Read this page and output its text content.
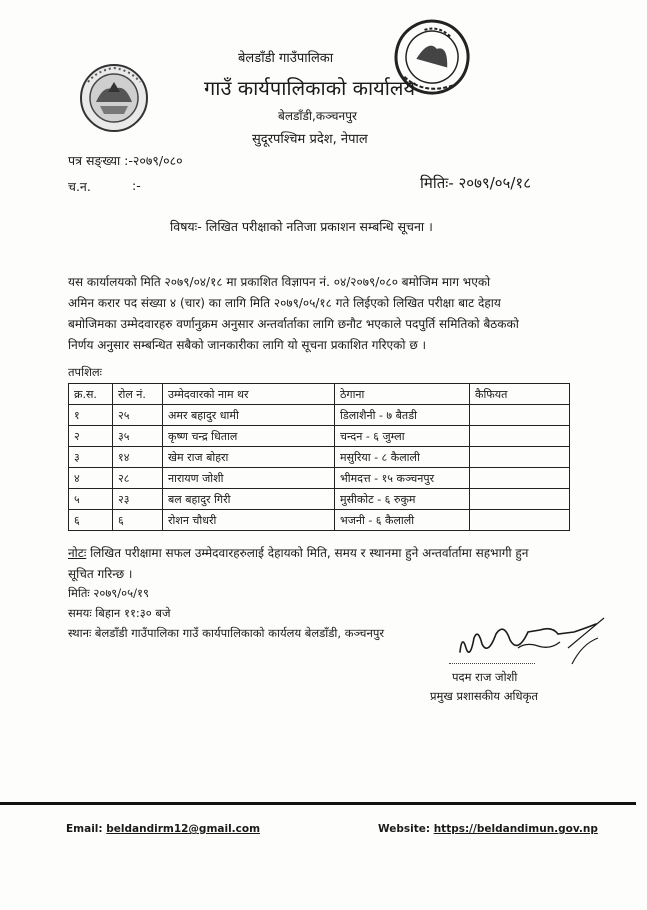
बेलडाँडी गाउँपालिका
गाउँ कार्यपालिकाको कार्यालय
बेलडाँडी,कञ्चनपुर
सुदूरपश्चिम प्रदेश, नेपाल
पत्र सङ्ख्या :-२०७९/०८०
च.न.	:-	मितिः- २०७९/०५/१८
विषयः- लिखित परीक्षाको नतिजा प्रकाशन सम्बन्धि सूचना ।
यस कार्यालयको मिति २०७९/०४/१८ मा प्रकाशित विज्ञापन नं. ०४/२०७९/०८० बमोजिम माग भएको
अमिन करार पद संख्या ४ (चार) का लागि मिति २०७९/०५/१८ गते लिईएको लिखित परीक्षा बाट देहाय
बमोजिमका उम्मेदवारहरु वर्णानुक्रम अनुसार अन्तर्वार्ताका लागि छनौट भएकाले पदपुर्ति समितिको बैठकको
निर्णय अनुसार सम्बन्धित सबैको जानकारीका लागि यो सूचना प्रकाशित गरिएको छ ।
तपशिलः
क्र.स.	रोल नं.	उम्मेदवारको नाम थर	ठेगाना	कैफियत
१	२५	अमर बहादुर धामी	डिलाशैनी - ७ बैतडी	
२	३५	कृष्ण चन्द्र धिताल	चन्दन - ६ जुम्ला	
३	१४	खेम राज बोहरा	मसुरिया - ८ कैलाली	
४	२८	नारायण जोशी	भीमदत्त - १५ कञ्चनपुर	
५	२३	बल बहादुर गिरी	मुसीकोट - ६ रुकुम	
६	६	रोशन चौधरी	भजनी - ६ कैलाली	
नोटः लिखित परीक्षामा सफल उम्मेदवारहरुलाई देहायको मिति, समय र स्थानमा हुने अन्तर्वार्तामा सहभागी हुन
सूचित गरिन्छ ।
मितिः २०७९/०५/१९
समयः बिहान ११:३० बजे
स्थानः बेलडाँडी गाउँपालिका गाउँ कार्यपालिकाको कार्यलय बेलडाँडी, कञ्चनपुर
पदम राज जोशी
प्रमुख प्रशासकीय अधिकृत
Email: beldandirm12@gmail.com	Website: https://beldandimun.gov.np
